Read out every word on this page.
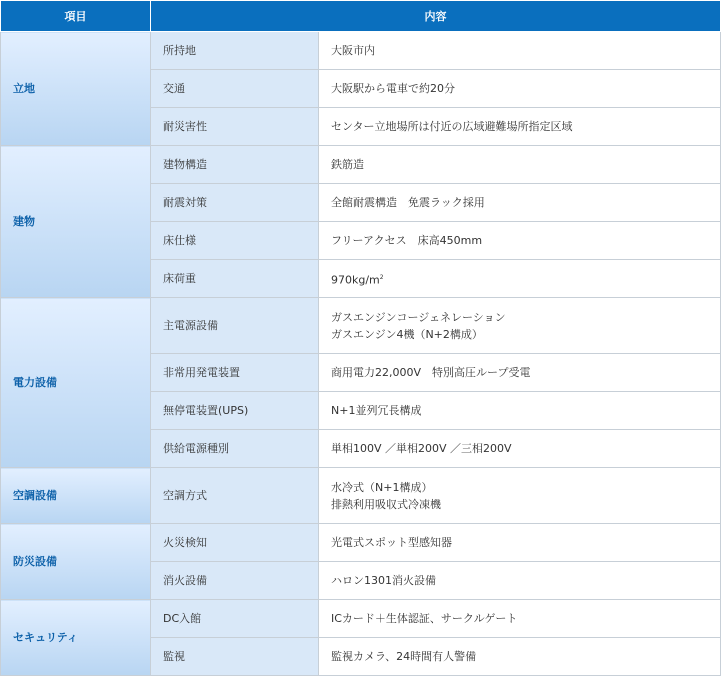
項目	内容	
立地	所持地	大阪市内
	交通	大阪駅から電車で約20分
	耐災害性	センター立地場所は付近の広域避難場所指定区域
建物	建物構造	鉄筋造
	耐震対策	全館耐震構造　免震ラック採用
	床仕様	フリーアクセス　床高450mm
	床荷重	$970kg/m^2$
電力設備	主電源設備	ガスエンジンコージェネレーション
ガスエンジン4機（N+2構成）

	非常用発電装置	商用電力22,000V　特別高圧ループ受電
	無停電装置(UPS)	N+1並列冗長構成
	供給電源種別	単相100V ／単相200V ／三相200V
空調設備	空調方式	水冷式（N+1構成）
排熱利用吸収式冷凍機

防災設備	火災検知	光電式スポット型感知器
	消火設備	ハロン1301消火設備
セキュリティ	DC入館	ICカード＋生体認証、サークルゲート
	監視	監視カメラ、24時間有人警備
